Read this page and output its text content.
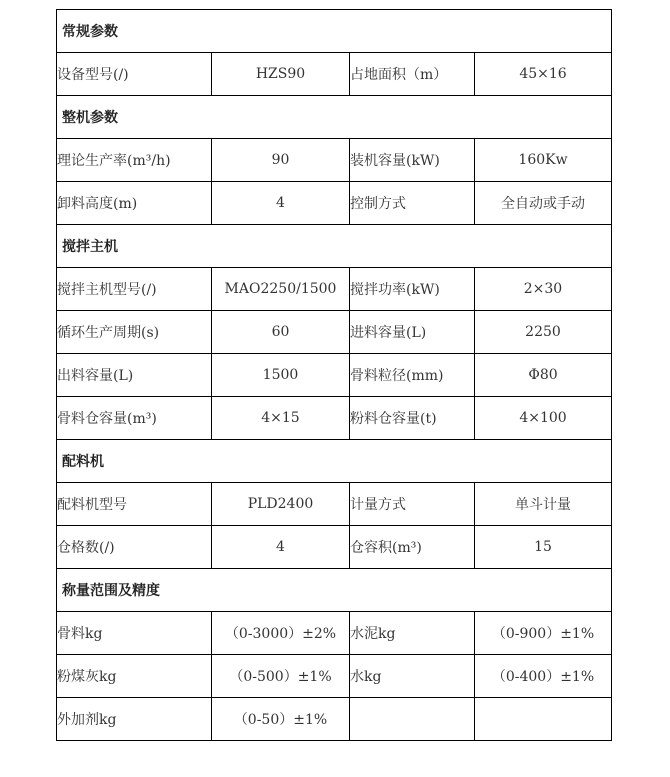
常规参数			
设备型号(/)	HZS90	占地面积（m）	45×16
整机参数			
理论生产率(m³/h)	90	装机容量(kW)	160Kw
卸料高度(m)	4	控制方式	全自动或手动
搅拌主机			
搅拌主机型号(/)	MAO2250/1500	搅拌功率(kW)	2×30
循环生产周期(s)	60	进料容量(L)	2250
出料容量(L)	1500	骨料粒径(mm)	Φ80
骨料仓容量(m³)	4×15	粉料仓容量(t)	4×100
配料机			
配料机型号	PLD2400	计量方式	单斗计量
仓格数(/)	4	仓容积(m³)	15
称量范围及精度			
骨料kg	（0-3000）±2%	水泥kg	（0-900）±1%
粉煤灰kg	（0-500）±1%	水kg	（0-400）±1%
外加剂kg	（0-50）±1%		
